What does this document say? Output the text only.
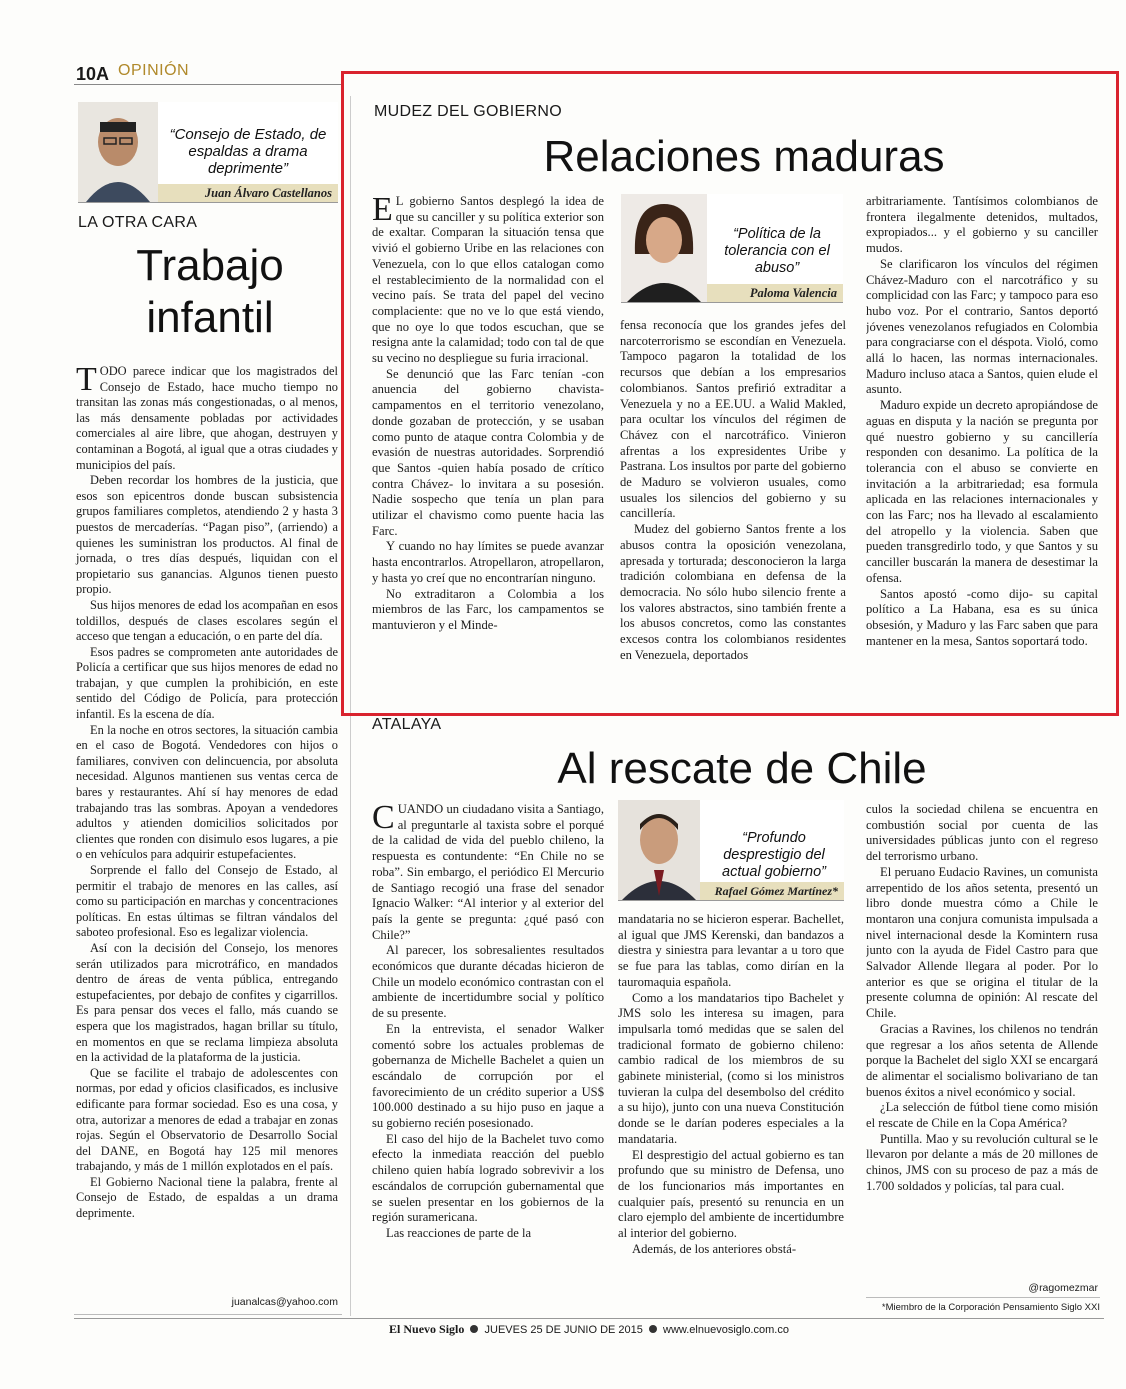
10A OPINIÓN
“Consejo de Estado, de espaldas a drama deprimente”
Juan Álvaro Castellanos
LA OTRA CARA
Trabajo
infantil

TODO parece indicar que los magistrados del Consejo de Estado, hace mucho tiempo no transitan las zonas más congestionadas, o al menos, las más densamente pobladas por actividades comerciales al aire libre, que ahogan, destruyen y contaminan a Bogotá, al igual que a otras ciudades y municipios del país.

Deben recordar los hombres de la justicia, que esos son epicentros donde buscan subsistencia grupos familiares completos, atendiendo 2 y hasta 3 puestos de mercaderías. “Pagan piso”, (arriendo) a quienes les suministran los productos. Al final de jornada, o tres días después, liquidan con el propietario sus ganancias. Algunos tienen puesto propio.

Sus hijos menores de edad los acompañan en esos toldillos, después de clases escolares según el acceso que tengan a educación, o en parte del día.

Esos padres se comprometen ante autoridades de Policía a certificar que sus hijos menores de edad no trabajan, y que cumplen la prohibición, en este sentido del Código de Policía, para protección infantil. Es la escena de día.

En la noche en otros sectores, la situación cambia en el caso de Bogotá. Vendedores con hijos o familiares, conviven con delincuencia, por absoluta necesidad. Algunos mantienen sus ventas cerca de bares y restaurantes. Ahí sí hay menores de edad trabajando tras las sombras. Apoyan a vendedores adultos y atienden domicilios solicitados por clientes que ronden con disimulo esos lugares, a pie o en vehículos para adquirir estupefacientes.

Sorprende el fallo del Consejo de Estado, al permitir el trabajo de menores en las calles, así como su participación en marchas y concentraciones políticas. En estas últimas se filtran vándalos del saboteo profesional. Eso es legalizar violencia.

Así con la decisión del Consejo, los menores serán utilizados para microtráfico, en mandados dentro de áreas de venta pública, entregando estupefacientes, por debajo de confites y cigarrillos. Es para pensar dos veces el fallo, más cuando se espera que los magistrados, hagan brillar su título, en momentos en que se reclama limpieza absoluta en la actividad de la plataforma de la justicia.

Que se facilite el trabajo de adolescentes con normas, por edad y oficios clasificados, es inclusive edificante para formar sociedad. Eso es una cosa, y otra, autorizar a menores de edad a trabajar en zonas rojas. Según el Observatorio de Desarrollo Social del DANE, en Bogotá hay 125 mil menores trabajando, y más de 1 millón explotados en el país.

El Gobierno Nacional tiene la palabra, frente al Consejo de Estado, de espaldas a un drama deprimente.

juanalcas@yahoo.com
MUDEZ DEL GOBIERNO
Relaciones maduras

E L gobierno Santos desplegó la idea de que su canciller y su política exterior son de exaltar. Comparan la situación tensa que vivió el gobierno Uribe en las relaciones con Venezuela, con lo que ellos catalogan como el restablecimiento de la normalidad con el vecino país. Se trata del papel del vecino complaciente: que no ve lo que está viendo, que no oye lo que todos escuchan, que se resigna ante la calamidad; todo con tal de que su vecino no despliegue su furia irracional.

Se denunció que las Farc tenían -con anuencia del gobierno chavista- campamentos en el territorio venezolano, donde gozaban de protección, y se usaban como punto de ataque contra Colombia y de evasión de nuestras autoridades. Sorprendió que Santos -quien había posado de crítico contra Chávez- lo invitara a su posesión. Nadie sospecho que tenía un plan para utilizar el chavismo como puente hacia las Farc.

Y cuando no hay límites se puede avanzar hasta encontrarlos. Atropellaron, atropellaron, y hasta yo creí que no encontrarían ninguno.

No extraditaron a Colombia a los miembros de las Farc, los campamentos se mantuvieron y el Minde-

“Política de la tolerancia con el abuso”
Paloma Valencia

fensa reconocía que los grandes jefes del narcoterrorismo se escondían en Venezuela. Tampoco pagaron la totalidad de los recursos que debían a los empresarios colombianos. Santos prefirió extraditar a Venezuela y no a EE.UU. a Walid Makled, para ocultar los vínculos del régimen de Chávez con el narcotráfico. Vinieron afrentas a los expresidentes Uribe y Pastrana. Los insultos por parte del gobierno de Maduro se volvieron usuales, como usuales los silencios del gobierno y su cancillería.

Mudez del gobierno Santos frente a los abusos contra la oposición venezolana, apresada y torturada; desconocieron la larga tradición colombiana en defensa de la democracia. No sólo hubo silencio frente a los valores abstractos, sino también frente a los abusos concretos, como las constantes excesos contra los colombianos residentes en Venezuela, deportados

arbitrariamente. Tantísimos colombianos de frontera ilegalmente detenidos, multados, expropiados... y el gobierno y su canciller mudos.

Se clarificaron los vínculos del régimen Chávez-Maduro con el narcotráfico y su complicidad con las Farc; y tampoco para eso hubo voz. Por el contrario, Santos deportó jóvenes venezolanos refugiados en Colombia para congraciarse con el déspota. Violó, como allá lo hacen, las normas internacionales. Maduro incluso ataca a Santos, quien elude el asunto.

Maduro expide un decreto apropiándose de aguas en disputa y la nación se pregunta por qué nuestro gobierno y su cancillería responden con desanimo. La política de la tolerancia con el abuso se convierte en invitación a la arbitrariedad; esa formula aplicada en las relaciones internacionales y con las Farc; nos ha llevado al escalamiento del atropello y la violencia. Saben que pueden transgredirlo todo, y que Santos y su canciller buscarán la manera de desestimar la ofensa.

Santos apostó -como dijo- su capital político a La Habana, esa es su única obsesión, y Maduro y las Farc saben que para mantener en la mesa, Santos soportará todo.

ATALAYA
Al rescate de Chile

CUANDO un ciudadano visita a Santiago, al preguntarle al taxista sobre el porqué de la calidad de vida del pueblo chileno, la respuesta es contundente: “En Chile no se roba”. Sin embargo, el periódico El Mercurio de Santiago recogió una frase del senador Ignacio Walker: “Al interior y al exterior del país la gente se pregunta: ¿qué pasó con Chile?”

Al parecer, los sobresalientes resultados económicos que durante décadas hicieron de Chile un modelo económico contrastan con el ambiente de incertidumbre social y político de su presente.

En la entrevista, el senador Walker comentó sobre los actuales problemas de gobernanza de Michelle Bachelet a quien un escándalo de corrupción por el favorecimiento de un crédito superior a US$ 100.000 destinado a su hijo puso en jaque a su gobierno recién posesionado.

El caso del hijo de la Bachelet tuvo como efecto la inmediata reacción del pueblo chileno quien había logrado sobrevivir a los escándalos de corrupción gubernamental que se suelen presentar en los gobiernos de la región suramericana.

Las reacciones de parte de la

“Profundo desprestigio del actual gobierno”
Rafael Gómez Martínez*

mandataria no se hicieron esperar. Bachellet, al igual que JMS Kerenski, dan bandazos a diestra y siniestra para levantar a u toro que se fue para las tablas, como dirían en la tauromaquia española.

Como a los mandatarios tipo Bachelet y JMS solo les interesa su imagen, para impulsarla tomó medidas que se salen del tradicional formato de gobierno chileno: cambio radical de los miembros de su gabinete ministerial, (como si los ministros tuvieran la culpa del desembolso del crédito a su hijo), junto con una nueva Constitución donde se le darían poderes especiales a la mandataria.

El desprestigio del actual gobierno es tan profundo que su ministro de Defensa, uno de los funcionarios más importantes en cualquier país, presentó su renuncia en un claro ejemplo del ambiente de incertidumbre al interior del gobierno.

Además, de los anteriores obstá-

culos la sociedad chilena se encuentra en combustión social por cuenta de las universidades públicas junto con el regreso del terrorismo urbano.

El peruano Eudacio Ravines, un comunista arrepentido de los años setenta, presentó un libro donde muestra cómo a Chile le montaron una conjura comunista impulsada a nivel internacional desde la Komintern rusa junto con la ayuda de Fidel Castro para que Salvador Allende llegara al poder. Por lo anterior es que se origina el titular de la presente columna de opinión: Al rescate del Chile.

Gracias a Ravines, los chilenos no tendrán que regresar a los años setenta de Allende porque la Bachelet del siglo XXI se encargará de alimentar el socialismo bolivariano de tan buenos éxitos a nivel económico y social.

¿La selección de fútbol tiene como misión el rescate de Chile en la Copa América?

Puntilla. Mao y su revolución cultural se le llevaron por delante a más de 20 millones de chinos, JMS con su proceso de paz a más de 1.700 soldados y policías, tal para cual.

@ragomezmar
*Miembro de la Corporación Pensamiento Siglo XXI
El Nuevo Siglo JUEVES 25 DE JUNIO DE 2015 www.elnuevosiglo.com.co
